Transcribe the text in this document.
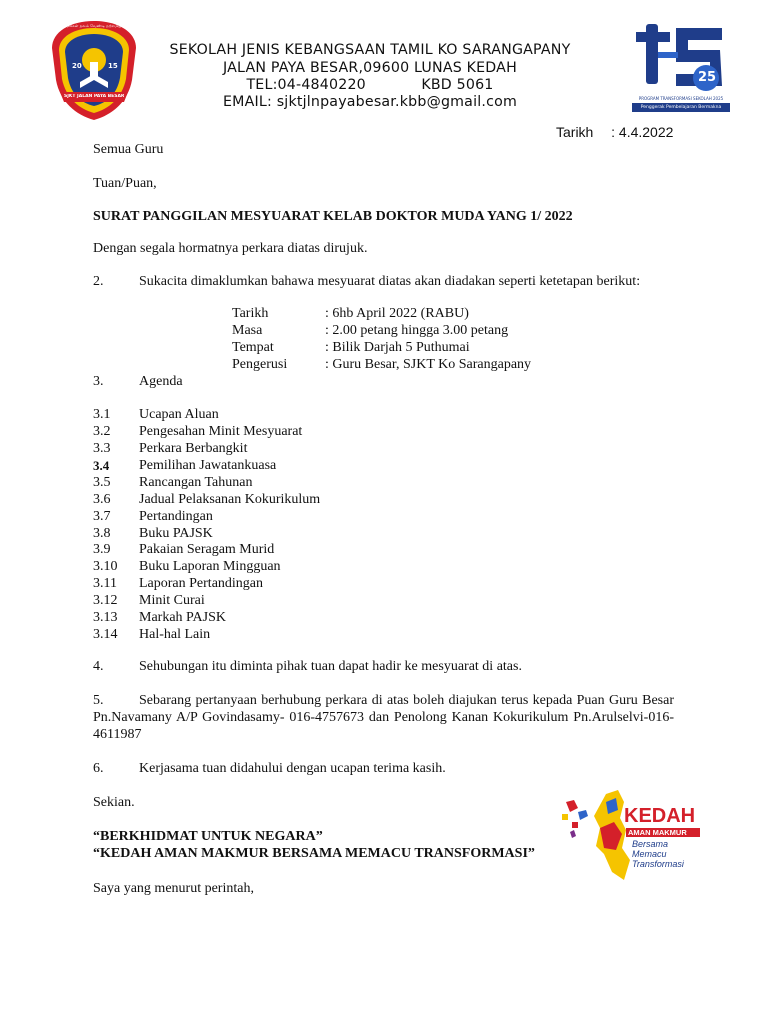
மக்கள் நலம் வேண்டி நற்றமிழ்
20	15
SJKT JALAN PAYA BESAR
SEKOLAH JENIS KEBANGSAAN TAMIL KO SARANGAPANY
JALAN PAYA BESAR,09600 LUNAS KEDAH
TEL:04-4840220	KBD 5061
EMAIL: sjktjlnpayabesar.kbb@gmail.com
25
PROGRAM TRANSFORMASI SEKOLAH 2025
Penggerak Pembelajaran Bermakna
Tarikh : 4.4.2022
Semua Guru
Tuan/Puan,
SURAT PANGGILAN MESYUARAT KELAB DOKTOR MUDA YANG 1/ 2022
Dengan segala hormatnya perkara diatas dirujuk.
2.	Sukacita dimaklumkan bahawa mesyuarat diatas akan diadakan seperti ketetapan berikut:
Tarikh	: 6hb April 2022 (RABU)
Masa	: 2.00 petang hingga 3.00 petang
Tempat	: Bilik Darjah 5 Puthumai
Pengerusi	: Guru Besar, SJKT Ko Sarangapany
3.	Agenda
3.1 Ucapan Aluan
3.2 Pengesahan Minit Mesyuarat
3.3 Perkara Berbangkit
3.4 Pemilihan Jawatankuasa
3.5 Rancangan Tahunan
3.6 Jadual Pelaksanan Kokurikulum
3.7 Pertandingan
3.8 Buku PAJSK
3.9 Pakaian Seragam Murid
3.10 Buku Laporan Mingguan
3.11 Laporan Pertandingan
3.12 Minit Curai
3.13 Markah PAJSK
3.14 Hal-hal Lain
4.	Sehubungan itu diminta pihak tuan dapat hadir ke mesyuarat di atas.
5.	Sebarang pertanyaan berhubung perkara di atas boleh diajukan terus kepada Puan Guru Besar Pn.Navamany A/P Govindasamy- 016-4757673 dan Penolong Kanan Kokurikulum Pn.Arulselvi-016-4611987
6.	Kerjasama tuan didahului dengan ucapan terima kasih.
Sekian.
“BERKHIDMAT UNTUK NEGARA”
“KEDAH AMAN MAKMUR BERSAMA MEMACU TRANSFORMASI”
Saya yang menurut perintah,
KEDAH
AMAN MAKMUR
Bersama
Memacu
Transformasi
